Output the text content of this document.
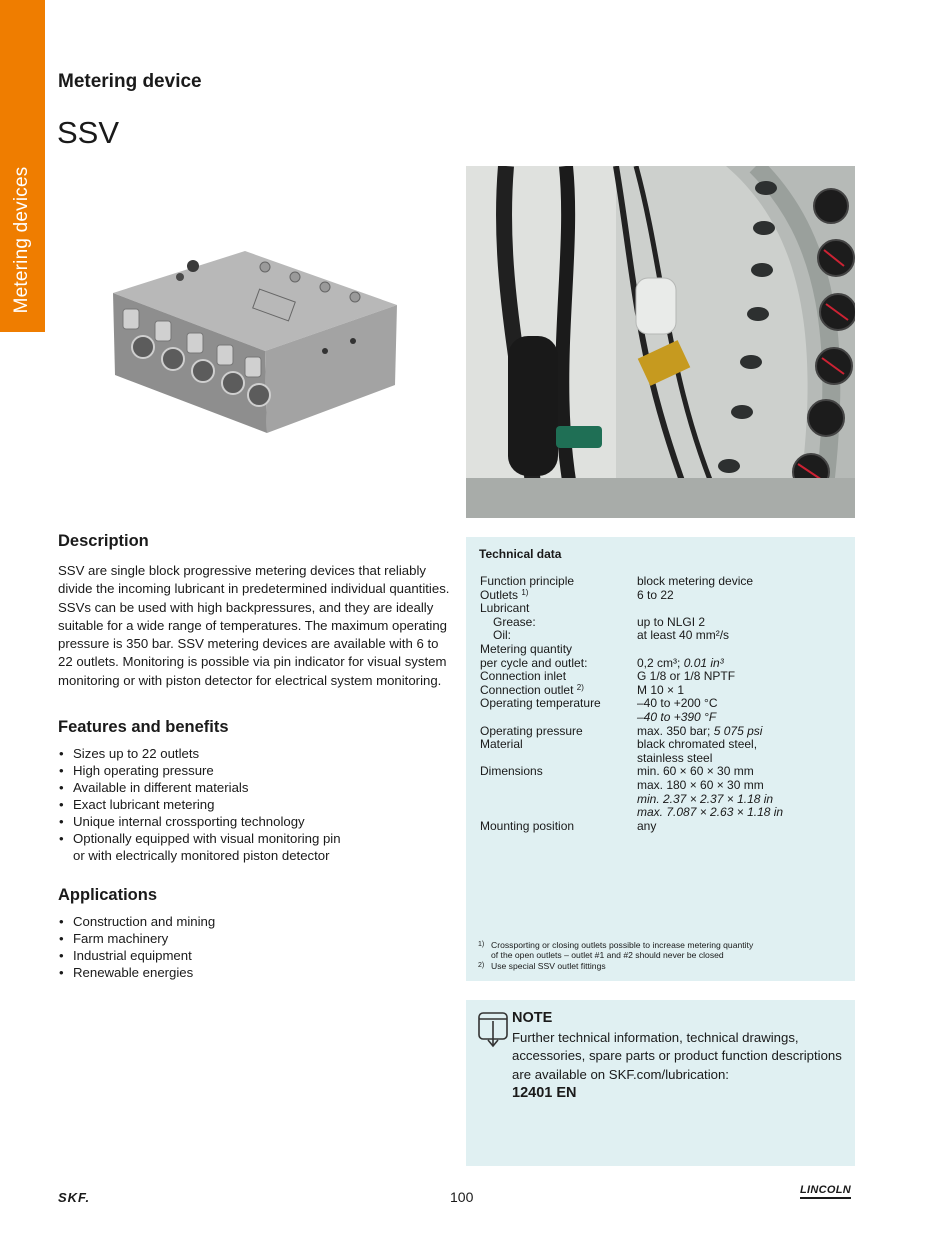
Metering devices
Metering device
SSV
Description
SSV are single block progressive metering devices that reliably divide the incoming lubricant in predetermined individual quantities. SSVs can be used with high backpressures, and they are ideally suitable for a wide range of temperatures. The maximum operating pressure is 350 bar. SSV metering devices are available with 6 to 22 outlets. Monitoring is possible via pin indicator for visual system monitoring or with piston detector for electrical system monitoring.
Features and benefits
• Sizes up to 22 outlets
• High operating pressure
• Available in different materials
• Exact lubricant metering
• Unique internal crossporting technology
• Optionally equipped with visual monitoring pin or with electrically monitored piston detector
Applications
• Construction and mining
• Farm machinery
• Industrial equipment
• Renewable energies
Technical data
Function principle	block metering device
Outlets $^{1)}$	6 to 22
Lubricant
Grease:	up to NLGI 2
Oil:	at least 40 mm²/s
Metering quantity
per cycle and outlet:	0,2 cm³; 0.01 in³
Connection inlet	G 1/8 or 1/8 NPTF
Connection outlet $^{2)}$	M 10 × 1
Operating temperature	–40 to +200 °C
–40 to +390 °F
Operating pressure	max. 350 bar; 5 075 psi
Material	black chromated steel,
stainless steel
Dimensions	min. 60 × 60 × 30 mm
max. 180 × 60 × 30 mm
min. 2.37 × 2.37 × 1.18 in
max. 7.087 × 2.63 × 1.18 in
Mounting position	any
1) Crossporting or closing outlets possible to increase metering quantity
of the open outlets – outlet #1 and #2 should never be closed
2) Use special SSV outlet fittings
NOTE
Further technical information, technical drawings, accessories, spare parts or product function descriptions are available on SKF.com/lubrication:
12401 EN
SKF.	100	LINCOLN
